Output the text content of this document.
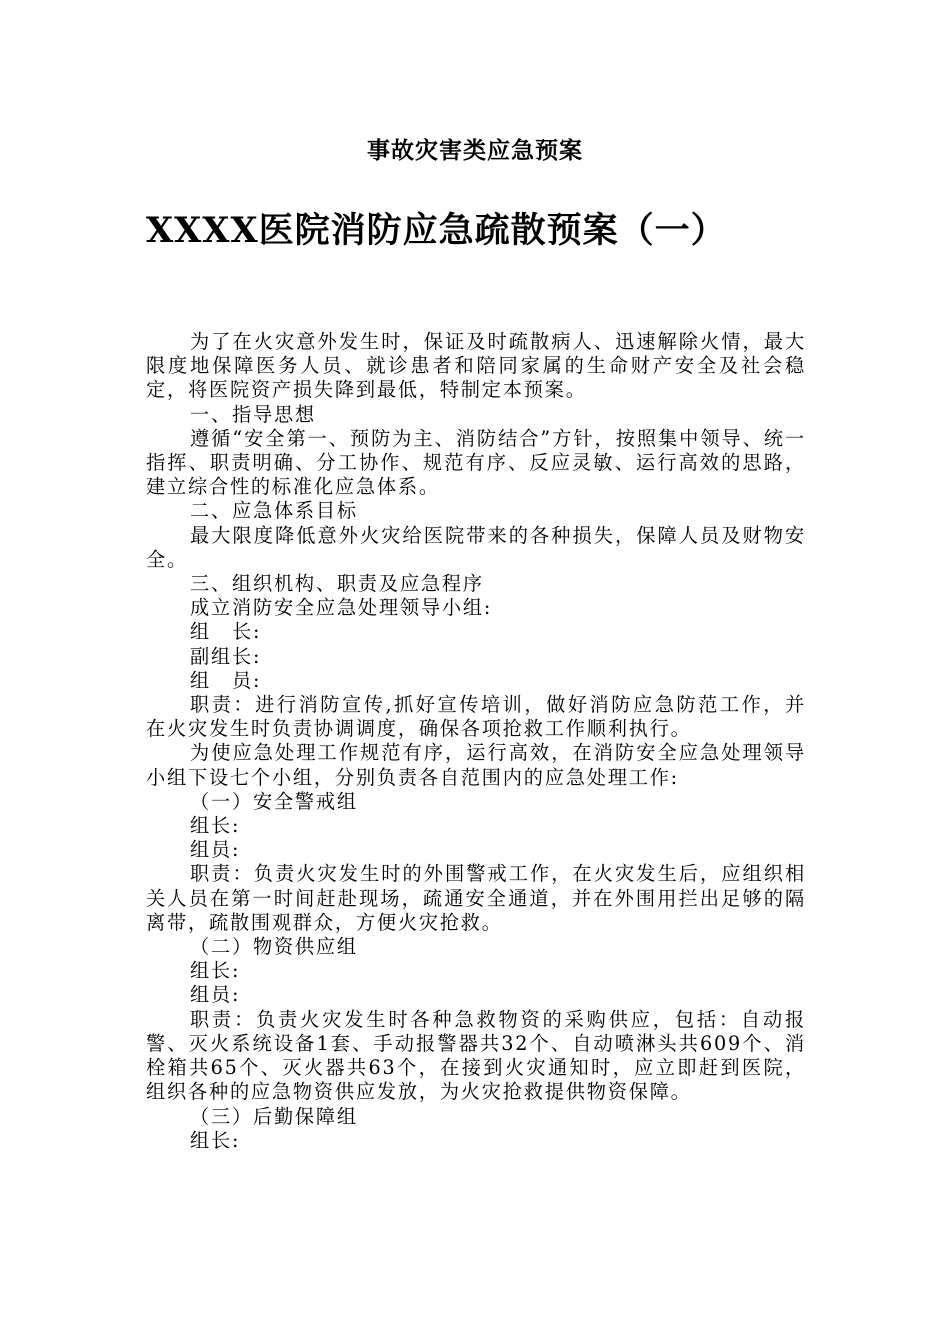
事故灾害类应急预案
XXXX医院消防应急疏散预案（一）

为了在火灾意外发生时，保证及时疏散病人、迅速解除火情，最大限度地保障医务人员、就诊患者和陪同家属的生命财产安全及社会稳定，将医院资产损失降到最低，特制定本预案。

一、指导思想

遵循“安全第一、预防为主、消防结合”方针，按照集中领导、统一指挥、职责明确、分工协作、规范有序、反应灵敏、运行高效的思路，建立综合性的标准化应急体系。

二、应急体系目标

最大限度降低意外火灾给医院带来的各种损失，保障人员及财物安全。

三、组织机构、职责及应急程序

成立消防安全应急处理领导小组:

组　长:

副组长:

组　员:

职责：进行消防宣传,抓好宣传培训，做好消防应急防范工作，并在火灾发生时负责协调调度，确保各项抢救工作顺利执行。

为使应急处理工作规范有序，运行高效，在消防安全应急处理领导小组下设七个小组，分别负责各自范围内的应急处理工作:

（一）安全警戒组

组长:

组员:

职责：负责火灾发生时的外围警戒工作，在火灾发生后，应组织相关人员在第一时间赶赴现场，疏通安全通道，并在外围用拦出足够的隔离带，疏散围观群众，方便火灾抢救。

（二）物资供应组

组长:

组员:

职责：负责火灾发生时各种急救物资的采购供应，包括：自动报警、灭火系统设备1套、手动报警器共32个、自动喷淋头共609个、消栓箱共65个、灭火器共63个，在接到火灾通知时，应立即赶到医院，组织各种的应急物资供应发放，为火灾抢救提供物资保障。

（三）后勤保障组

组长:
